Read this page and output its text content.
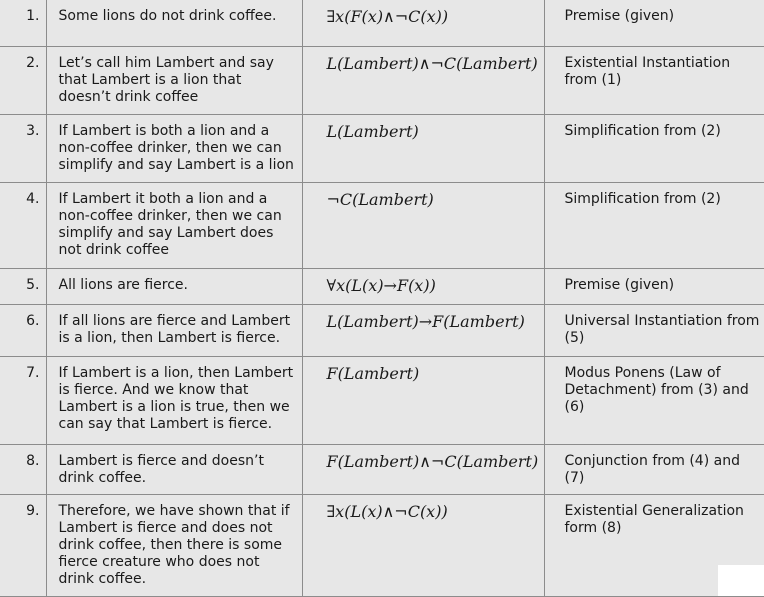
1.	Some lions do not drink coffee.	∃x(F(x)∧¬C(x))	Premise (given)
2.	Let’s call him Lambert and say that Lambert is a lion that doesn’t drink coffee	L(Lambert)∧¬C(Lambert)	Existential Instantiation from (1)
3.	If Lambert is both a lion and a non-coffee drinker, then we can simplify and say Lambert is a lion	L(Lambert)	Simplification from (2)
4.	If Lambert it both a lion and a non-coffee drinker, then we can simplify and say Lambert does not drink coffee	¬C(Lambert)	Simplification from (2)
5.	All lions are fierce.	∀x(L(x)→F(x))	Premise (given)
6.	If all lions are fierce and Lambert is a lion, then Lambert is fierce.	L(Lambert)→F(Lambert)	Universal Instantiation from (5)
7.	If Lambert is a lion, then Lambert is fierce. And we know that Lambert is a lion is true, then we can say that Lambert is fierce.	F(Lambert)	Modus Ponens (Law of Detachment) from (3) and (6)
8.	Lambert is fierce and doesn’t drink coffee.	F(Lambert)∧¬C(Lambert)	Conjunction from (4) and (7)
9.	Therefore, we have shown that if Lambert is fierce and does not drink coffee, then there is some fierce creature who does not drink coffee.	∃x(L(x)∧¬C(x))	Existential Generalization form (8)
